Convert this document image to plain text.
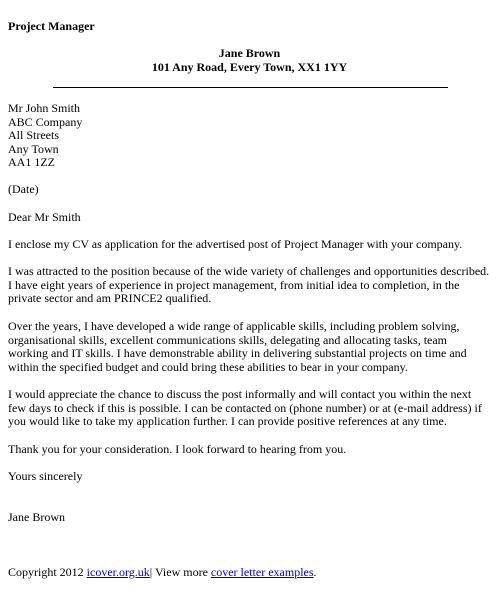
Project Manager
Jane Brown
101 Any Road, Every Town, XX1 1YY
Mr John Smith
ABC Company
All Streets
Any Town
AA1 1ZZ
(Date)
Dear Mr Smith
I enclose my CV as application for the advertised post of Project Manager with your company.
I was attracted to the position because of the wide variety of challenges and opportunities described.
I have eight years of experience in project management, from initial idea to completion, in the
private sector and am PRINCE2 qualified.
Over the years, I have developed a wide range of applicable skills, including problem solving,
organisational skills, excellent communications skills, delegating and allocating tasks, team
working and IT skills. I have demonstrable ability in delivering substantial projects on time and
within the specified budget and could bring these abilities to bear in your company.
I would appreciate the chance to discuss the post informally and will contact you within the next
few days to check if this is possible. I can be contacted on (phone number) or at (e-mail address) if
you would like to take my application further. I can provide positive references at any time.
Thank you for your consideration. I look forward to hearing from you.
Yours sincerely
Jane Brown
Copyright 2012 icover.org.uk| View more cover letter examples.
